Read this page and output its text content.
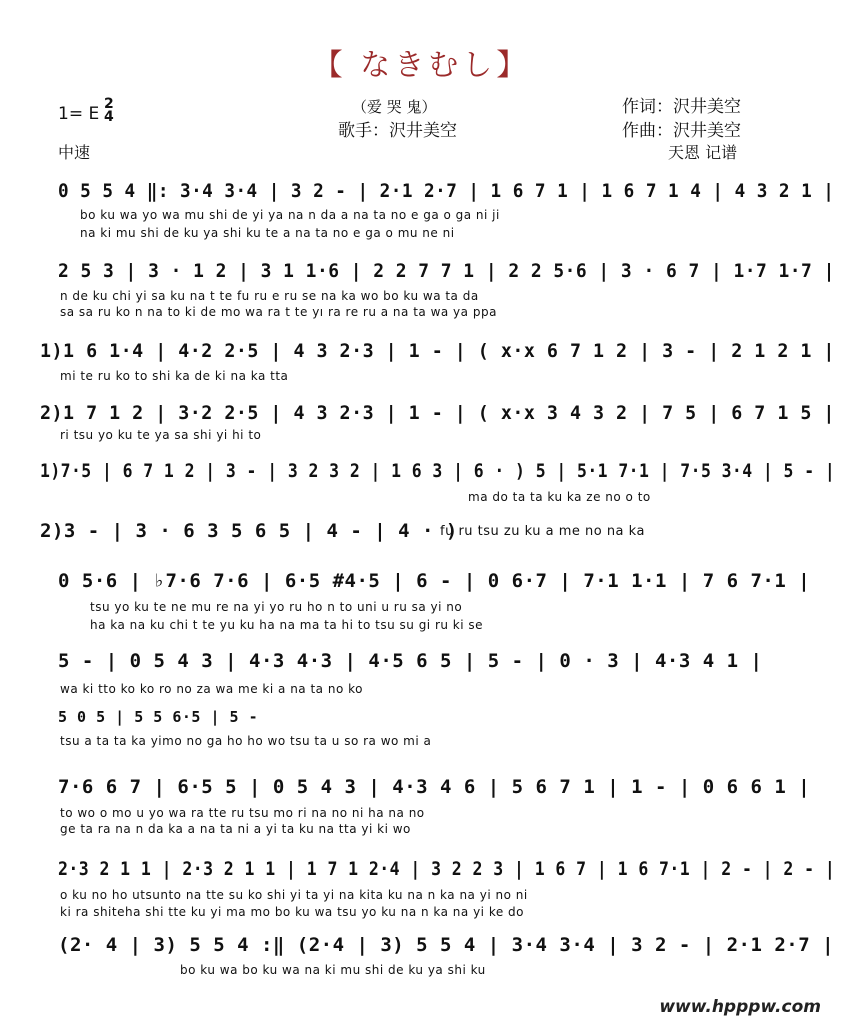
【 なきむし】
（爱 哭 鬼）
歌手：沢井美空
作词：沢井美空
作曲：沢井美空
天恩 记谱
1= E 2
4
中速
0 5 5 4 ‖: 3·4 3·4 | 3 2 - | 2·1 2·7 | 1 6 7 1 | 1 6 7 1 4 | 4 3 2 1 |
bo ku wa yo wa mu shi de yi ya na n da a na ta no e ga o ga ni ji
na ki mu shi de ku ya shi ku te a na ta no e ga o mu ne ni
2 5 3 | 3 · 1 2 | 3 1 1·6 | 2 2 7 7 1 | 2 2 5·6 | 3 · 6 7 | 1·7 1·7 |
n de ku chi yi sa ku na t te fu ru e ru se na ka wo bo ku wa ta da
sa sa ru ko n na to ki de mo wa ra t te yı ra re ru a na ta wa ya ppa
1)1 6 1·4 | 4·2 2·5 | 4 3 2·3 | 1 - | ( x·x 6 7 1 2 | 3 - | 2 1 2 1 |
mi te ru ko to shi ka de ki na ka tta
2)1 7 1 2 | 3·2 2·5 | 4 3 2·3 | 1 - | ( x·x 3 4 3 2 | 7 5 | 6 7 1 5 |
ri tsu yo ku te ya sa shi yi hi to
1)7·5 | 6 7 1 2 | 3 - | 3 2 3 2 | 1 6 3 | 6 · ) 5 | 5·1 7·1 | 7·5 3·4 | 5 - |
ma do ta ta ku ka ze no o to
2)3 - | 3 · 6 3 5 6 5 | 4 - | 4 · )
fu ru tsu zu ku a me no na ka
0 5·6 | ♭7·6 7·6 | 6·5 #4·5 | 6 - | 0 6·7 | 7·1 1·1 | 7 6 7·1 |
tsu yo ku te ne mu re na yi yo ru ho n to uni u ru sa yi no
ha ka na ku chi t te yu ku ha na ma ta hi to tsu su gi ru ki se
5 - | 0 5 4 3 | 4·3 4·3 | 4·5 6 5 | 5 - | 0 · 3 | 4·3 4 1 |
wa ki tto ko ko ro no za wa me ki a na ta no ko
5 0 5 | 5 5 6·5 | 5 -
tsu a ta ta ka yimo no ga ho ho wo tsu ta u so ra wo mi a
7·6 6 7 | 6·5 5 | 0 5 4 3 | 4·3 4 6 | 5 6 7 1 | 1 - | 0 6 6 1 |
to wo o mo u yo wa ra tte ru tsu mo ri na no ni ha na no
ge ta ra na n da ka a na ta ni a yi ta ku na tta yi ki wo
2·3 2 1 1 | 2·3 2 1 1 | 1 7 1 2·4 | 3 2 2 3 | 1 6 7 | 1 6 7·1 | 2 - | 2 - |
o ku no ho utsunto na tte su ko shi yi ta yi na kita ku na n ka na yi no ni
ki ra shiteha shi tte ku yi ma mo bo ku wa tsu yo ku na n ka na yi ke do
(2· 4 | 3) 5 5 4 :‖ (2·4 | 3) 5 5 4 | 3·4 3·4 | 3 2 - | 2·1 2·7 |
bo ku wa bo ku wa na ki mu shi de ku ya shi ku
www.hpppw.com
